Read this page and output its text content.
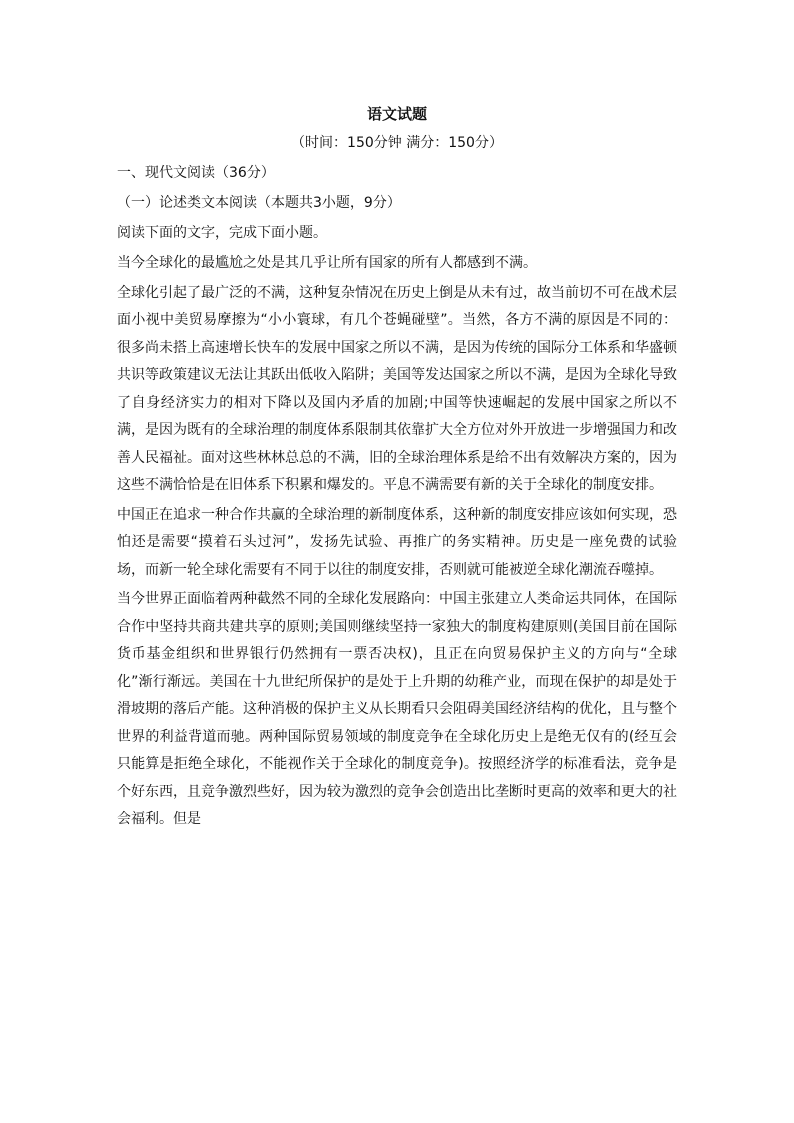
语文试题

（时间：150分钟 满分：150分）

一、现代文阅读（36分）

（一）论述类文本阅读（本题共3小题，9分）

阅读下面的文字，完成下面小题。

当今全球化的最尴尬之处是其几乎让所有国家的所有人都感到不满。

全球化引起了最广泛的不满，这种复杂情况在历史上倒是从未有过，故当前切不可在战术层面小视中美贸易摩擦为“小小寰球，有几个苍蝇碰壁”。当然，各方不满的原因是不同的：很多尚未搭上高速增长快车的发展中国家之所以不满，是因为传统的国际分工体系和华盛顿共识等政策建议无法让其跃出低收入陷阱；美国等发达国家之所以不满，是因为全球化导致了自身经济实力的相对下降以及国内矛盾的加剧;中国等快速崛起的发展中国家之所以不满，是因为既有的全球治理的制度体系限制其依靠扩大全方位对外开放进一步增强国力和改善人民福祉。面对这些林林总总的不满，旧的全球治理体系是给不出有效解决方案的，因为这些不满恰恰是在旧体系下积累和爆发的。平息不满需要有新的关于全球化的制度安排。

中国正在追求一种合作共赢的全球治理的新制度体系，这种新的制度安排应该如何实现，恐怕还是需要“摸着石头过河”，发扬先试验、再推广的务实精神。历史是一座免费的试验场，而新一轮全球化需要有不同于以往的制度安排，否则就可能被逆全球化潮流吞噬掉。

当今世界正面临着两种截然不同的全球化发展路向：中国主张建立人类命运共同体，在国际合作中坚持共商共建共享的原则;美国则继续坚持一家独大的制度构建原则(美国目前在国际货币基金组织和世界银行仍然拥有一票否决权)，且正在向贸易保护主义的方向与“全球化”渐行渐远。美国在十九世纪所保护的是处于上升期的幼稚产业，而现在保护的却是处于滑坡期的落后产能。这种消极的保护主义从长期看只会阻碍美国经济结构的优化，且与整个世界的利益背道而驰。两种国际贸易领域的制度竞争在全球化历史上是绝无仅有的(经互会只能算是拒绝全球化，不能视作关于全球化的制度竞争)。按照经济学的标准看法，竞争是个好东西，且竞争激烈些好，因为较为激烈的竞争会创造出比垄断时更高的效率和更大的社会福利。但是
